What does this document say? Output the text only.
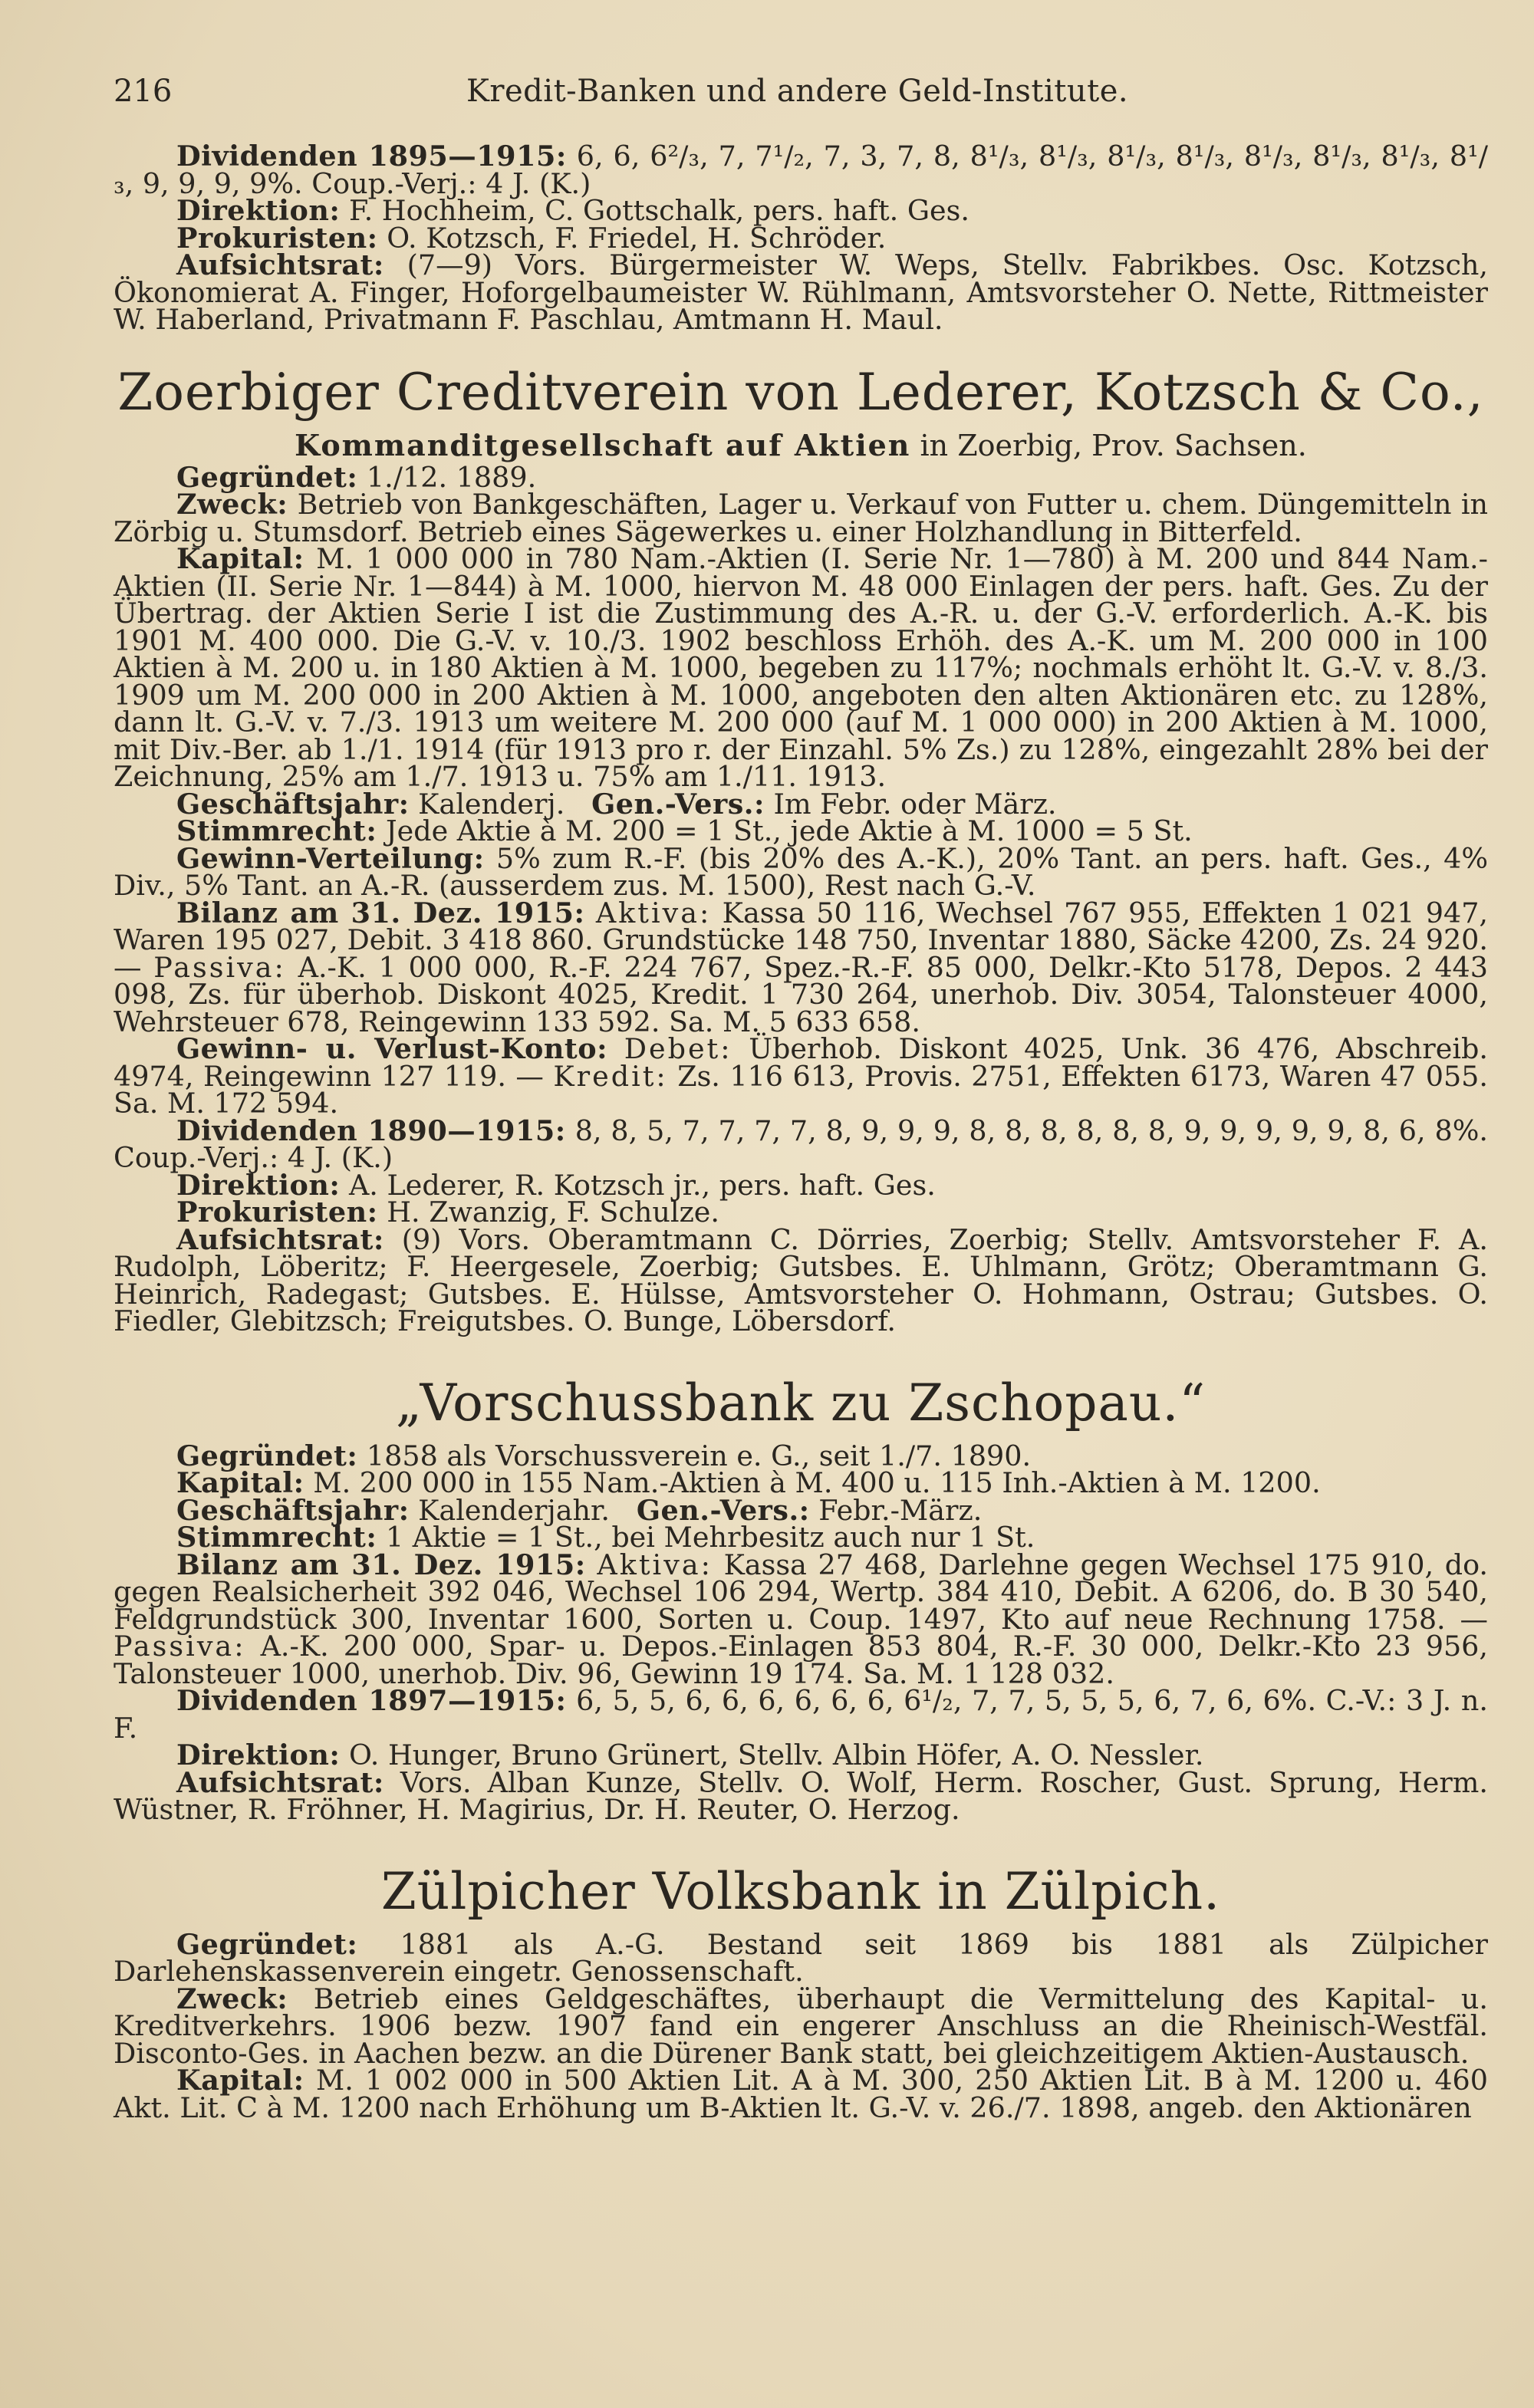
216	Kredit-Banken und andere Geld-Institute.

Dividenden 1895—1915: 6, 6, 6²/₃, 7, 7¹/₂, 7, 3, 7, 8, 8¹/₃, 8¹/₃, 8¹/₃, 8¹/₃, 8¹/₃, 8¹/₃, 8¹/₃, 8¹/₃, 9, 9, 9, 9%. Coup.-Verj.: 4 J. (K.)

Direktion: F. Hochheim, C. Gottschalk, pers. haft. Ges.

Prokuristen: O. Kotzsch, F. Friedel, H. Schröder.

Aufsichtsrat: (7—9) Vors. Bürgermeister W. Weps, Stellv. Fabrikbes. Osc. Kotzsch, Ökonomierat A. Finger, Hoforgelbaumeister W. Rühlmann, Amtsvorsteher O. Nette, Rittmeister W. Haberland, Privatmann F. Paschlau, Amtmann H. Maul.

Zoerbiger Creditverein von Lederer, Kotzsch & Co.,
Kommanditgesellschaft auf Aktien in Zoerbig, Prov. Sachsen.

Gegründet: 1./12. 1889.

Zweck: Betrieb von Bankgeschäften, Lager u. Verkauf von Futter u. chem. Düngemitteln in Zörbig u. Stumsdorf. Betrieb eines Sägewerkes u. einer Holzhandlung in Bitterfeld.

Kapital: M. 1 000 000 in 780 Nam.-Aktien (I. Serie Nr. 1—780) à M. 200 und 844 Nam.-Aktien (II. Serie Nr. 1—844) à M. 1000, hiervon M. 48 000 Einlagen der pers. haft. Ges. Zu der Übertrag. der Aktien Serie I ist die Zustimmung des A.-R. u. der G.-V. erforderlich. A.-K. bis 1901 M. 400 000. Die G.-V. v. 10./3. 1902 beschloss Erhöh. des A.-K. um M. 200 000 in 100 Aktien à M. 200 u. in 180 Aktien à M. 1000, begeben zu 117%; nochmals erhöht lt. G.-V. v. 8./3. 1909 um M. 200 000 in 200 Aktien à M. 1000, angeboten den alten Aktionären etc. zu 128%, dann lt. G.-V. v. 7./3. 1913 um weitere M. 200 000 (auf M. 1 000 000) in 200 Aktien à M. 1000, mit Div.-Ber. ab 1./1. 1914 (für 1913 pro r. der Einzahl. 5% Zs.) zu 128%, eingezahlt 28% bei der Zeichnung, 25% am 1./7. 1913 u. 75% am 1./11. 1913.

Geschäftsjahr: Kalenderj. Gen.-Vers.: Im Febr. oder März.

Stimmrecht: Jede Aktie à M. 200 = 1 St., jede Aktie à M. 1000 = 5 St.

Gewinn-Verteilung: 5% zum R.-F. (bis 20% des A.-K.), 20% Tant. an pers. haft. Ges., 4% Div., 5% Tant. an A.-R. (ausserdem zus. M. 1500), Rest nach G.-V.

Bilanz am 31. Dez. 1915: Aktiva: Kassa 50 116, Wechsel 767 955, Effekten 1 021 947, Waren 195 027, Debit. 3 418 860. Grundstücke 148 750, Inventar 1880, Säcke 4200, Zs. 24 920. — Passiva: A.-K. 1 000 000, R.-F. 224 767, Spez.-R.-F. 85 000, Delkr.-Kto 5178, Depos. 2 443 098, Zs. für überhob. Diskont 4025, Kredit. 1 730 264, unerhob. Div. 3054, Talonsteuer 4000, Wehrsteuer 678, Reingewinn 133 592. Sa. M. 5 633 658.

Gewinn- u. Verlust-Konto: Debet: Überhob. Diskont 4025, Unk. 36 476, Abschreib. 4974, Reingewinn 127 119. — Kredit: Zs. 116 613, Provis. 2751, Effekten 6173, Waren 47 055. Sa. M. 172 594.

Dividenden 1890—1915: 8, 8, 5, 7, 7, 7, 7, 8, 9, 9, 9, 8, 8, 8, 8, 8, 8, 9, 9, 9, 9, 9, 8, 6, 8%. Coup.-Verj.: 4 J. (K.)

Direktion: A. Lederer, R. Kotzsch jr., pers. haft. Ges.

Prokuristen: H. Zwanzig, F. Schulze.

Aufsichtsrat: (9) Vors. Oberamtmann C. Dörries, Zoerbig; Stellv. Amtsvorsteher F. A. Rudolph, Löberitz; F. Heergesele, Zoerbig; Gutsbes. E. Uhlmann, Grötz; Oberamtmann G. Heinrich, Radegast; Gutsbes. E. Hülsse, Amtsvorsteher O. Hohmann, Ostrau; Gutsbes. O. Fiedler, Glebitzsch; Freigutsbes. O. Bunge, Löbersdorf.

„Vorschussbank zu Zschopau.“

Gegründet: 1858 als Vorschussverein e. G., seit 1./7. 1890.

Kapital: M. 200 000 in 155 Nam.-Aktien à M. 400 u. 115 Inh.-Aktien à M. 1200.

Geschäftsjahr: Kalenderjahr. Gen.-Vers.: Febr.-März.

Stimmrecht: 1 Aktie = 1 St., bei Mehrbesitz auch nur 1 St.

Bilanz am 31. Dez. 1915: Aktiva: Kassa 27 468, Darlehne gegen Wechsel 175 910, do. gegen Realsicherheit 392 046, Wechsel 106 294, Wertp. 384 410, Debit. A 6206, do. B 30 540, Feldgrundstück 300, Inventar 1600, Sorten u. Coup. 1497, Kto auf neue Rechnung 1758. — Passiva: A.-K. 200 000, Spar- u. Depos.-Einlagen 853 804, R.-F. 30 000, Delkr.-Kto 23 956, Talonsteuer 1000, unerhob. Div. 96, Gewinn 19 174. Sa. M. 1 128 032.

Dividenden 1897—1915: 6, 5, 5, 6, 6, 6, 6, 6, 6, 6¹/₂, 7, 7, 5, 5, 5, 6, 7, 6, 6%. C.-V.: 3 J. n. F.

Direktion: O. Hunger, Bruno Grünert, Stellv. Albin Höfer, A. O. Nessler.

Aufsichtsrat: Vors. Alban Kunze, Stellv. O. Wolf, Herm. Roscher, Gust. Sprung, Herm. Wüstner, R. Fröhner, H. Magirius, Dr. H. Reuter, O. Herzog.

Zülpicher Volksbank in Zülpich.

Gegründet: 1881 als A.-G. Bestand seit 1869 bis 1881 als Zülpicher Darlehenskassenverein eingetr. Genossenschaft.

Zweck: Betrieb eines Geldgeschäftes, überhaupt die Vermittelung des Kapital- u. Kreditverkehrs. 1906 bezw. 1907 fand ein engerer Anschluss an die Rheinisch-Westfäl. Disconto-Ges. in Aachen bezw. an die Dürener Bank statt, bei gleichzeitigem Aktien-Austausch.

Kapital: M. 1 002 000 in 500 Aktien Lit. A à M. 300, 250 Aktien Lit. B à M. 1200 u. 460 Akt. Lit. C à M. 1200 nach Erhöhung um B-Aktien lt. G.-V. v. 26./7. 1898, angeb. den Aktionären
